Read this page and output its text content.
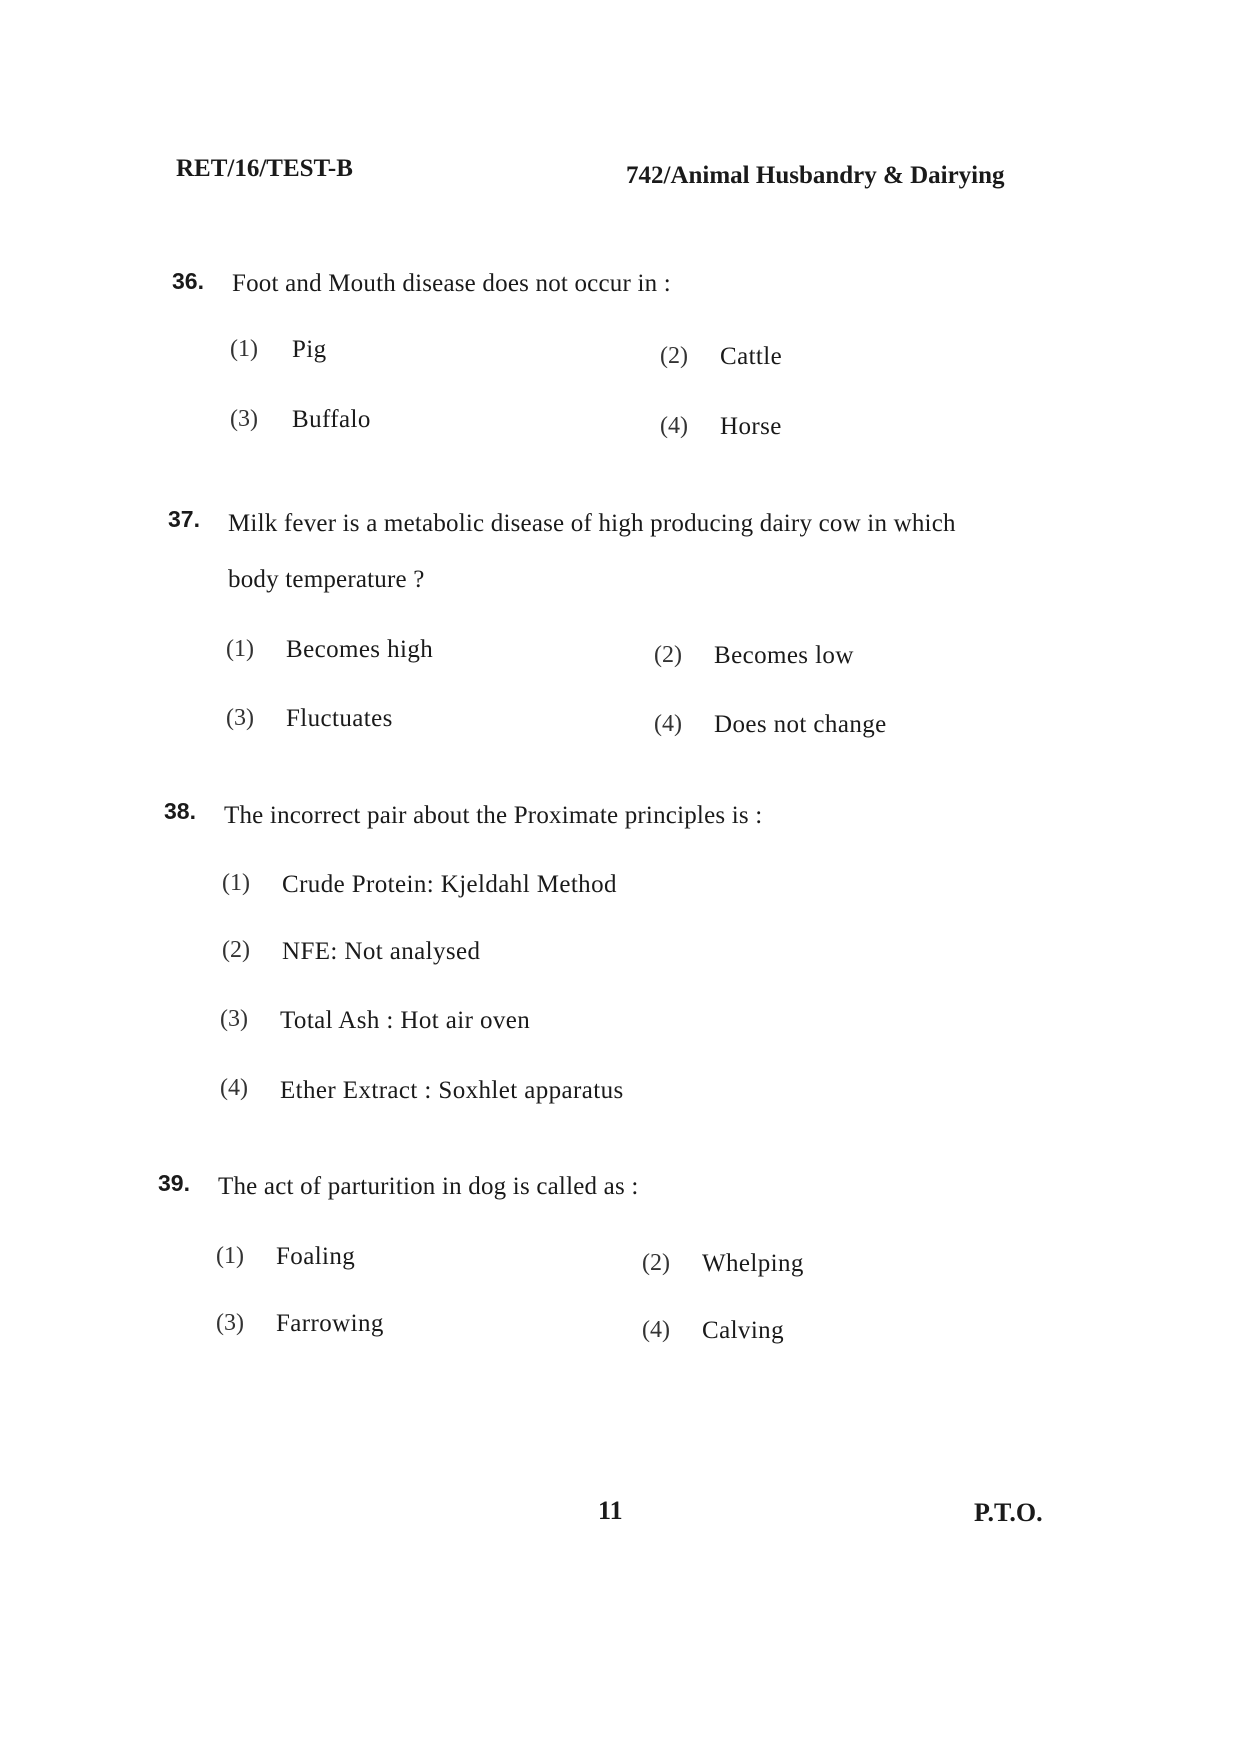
RET/16/TEST-B	742/Animal Husbandry & Dairying
36. Foot and Mouth disease does not occur in :
(1) Pig	(2) Cattle
(3) Buffalo	(4) Horse
37. Milk fever is a metabolic disease of high producing dairy cow in which
body temperature ?
(1) Becomes high	(2) Becomes low
(3) Fluctuates	(4) Does not change
38. The incorrect pair about the Proximate principles is :
(1) Crude Protein: Kjeldahl Method
(2) NFE: Not analysed
(3) Total Ash : Hot air oven
(4) Ether Extract : Soxhlet apparatus
39. The act of parturition in dog is called as :
(1) Foaling	(2) Whelping
(3) Farrowing	(4) Calving
11	P.T.O.
